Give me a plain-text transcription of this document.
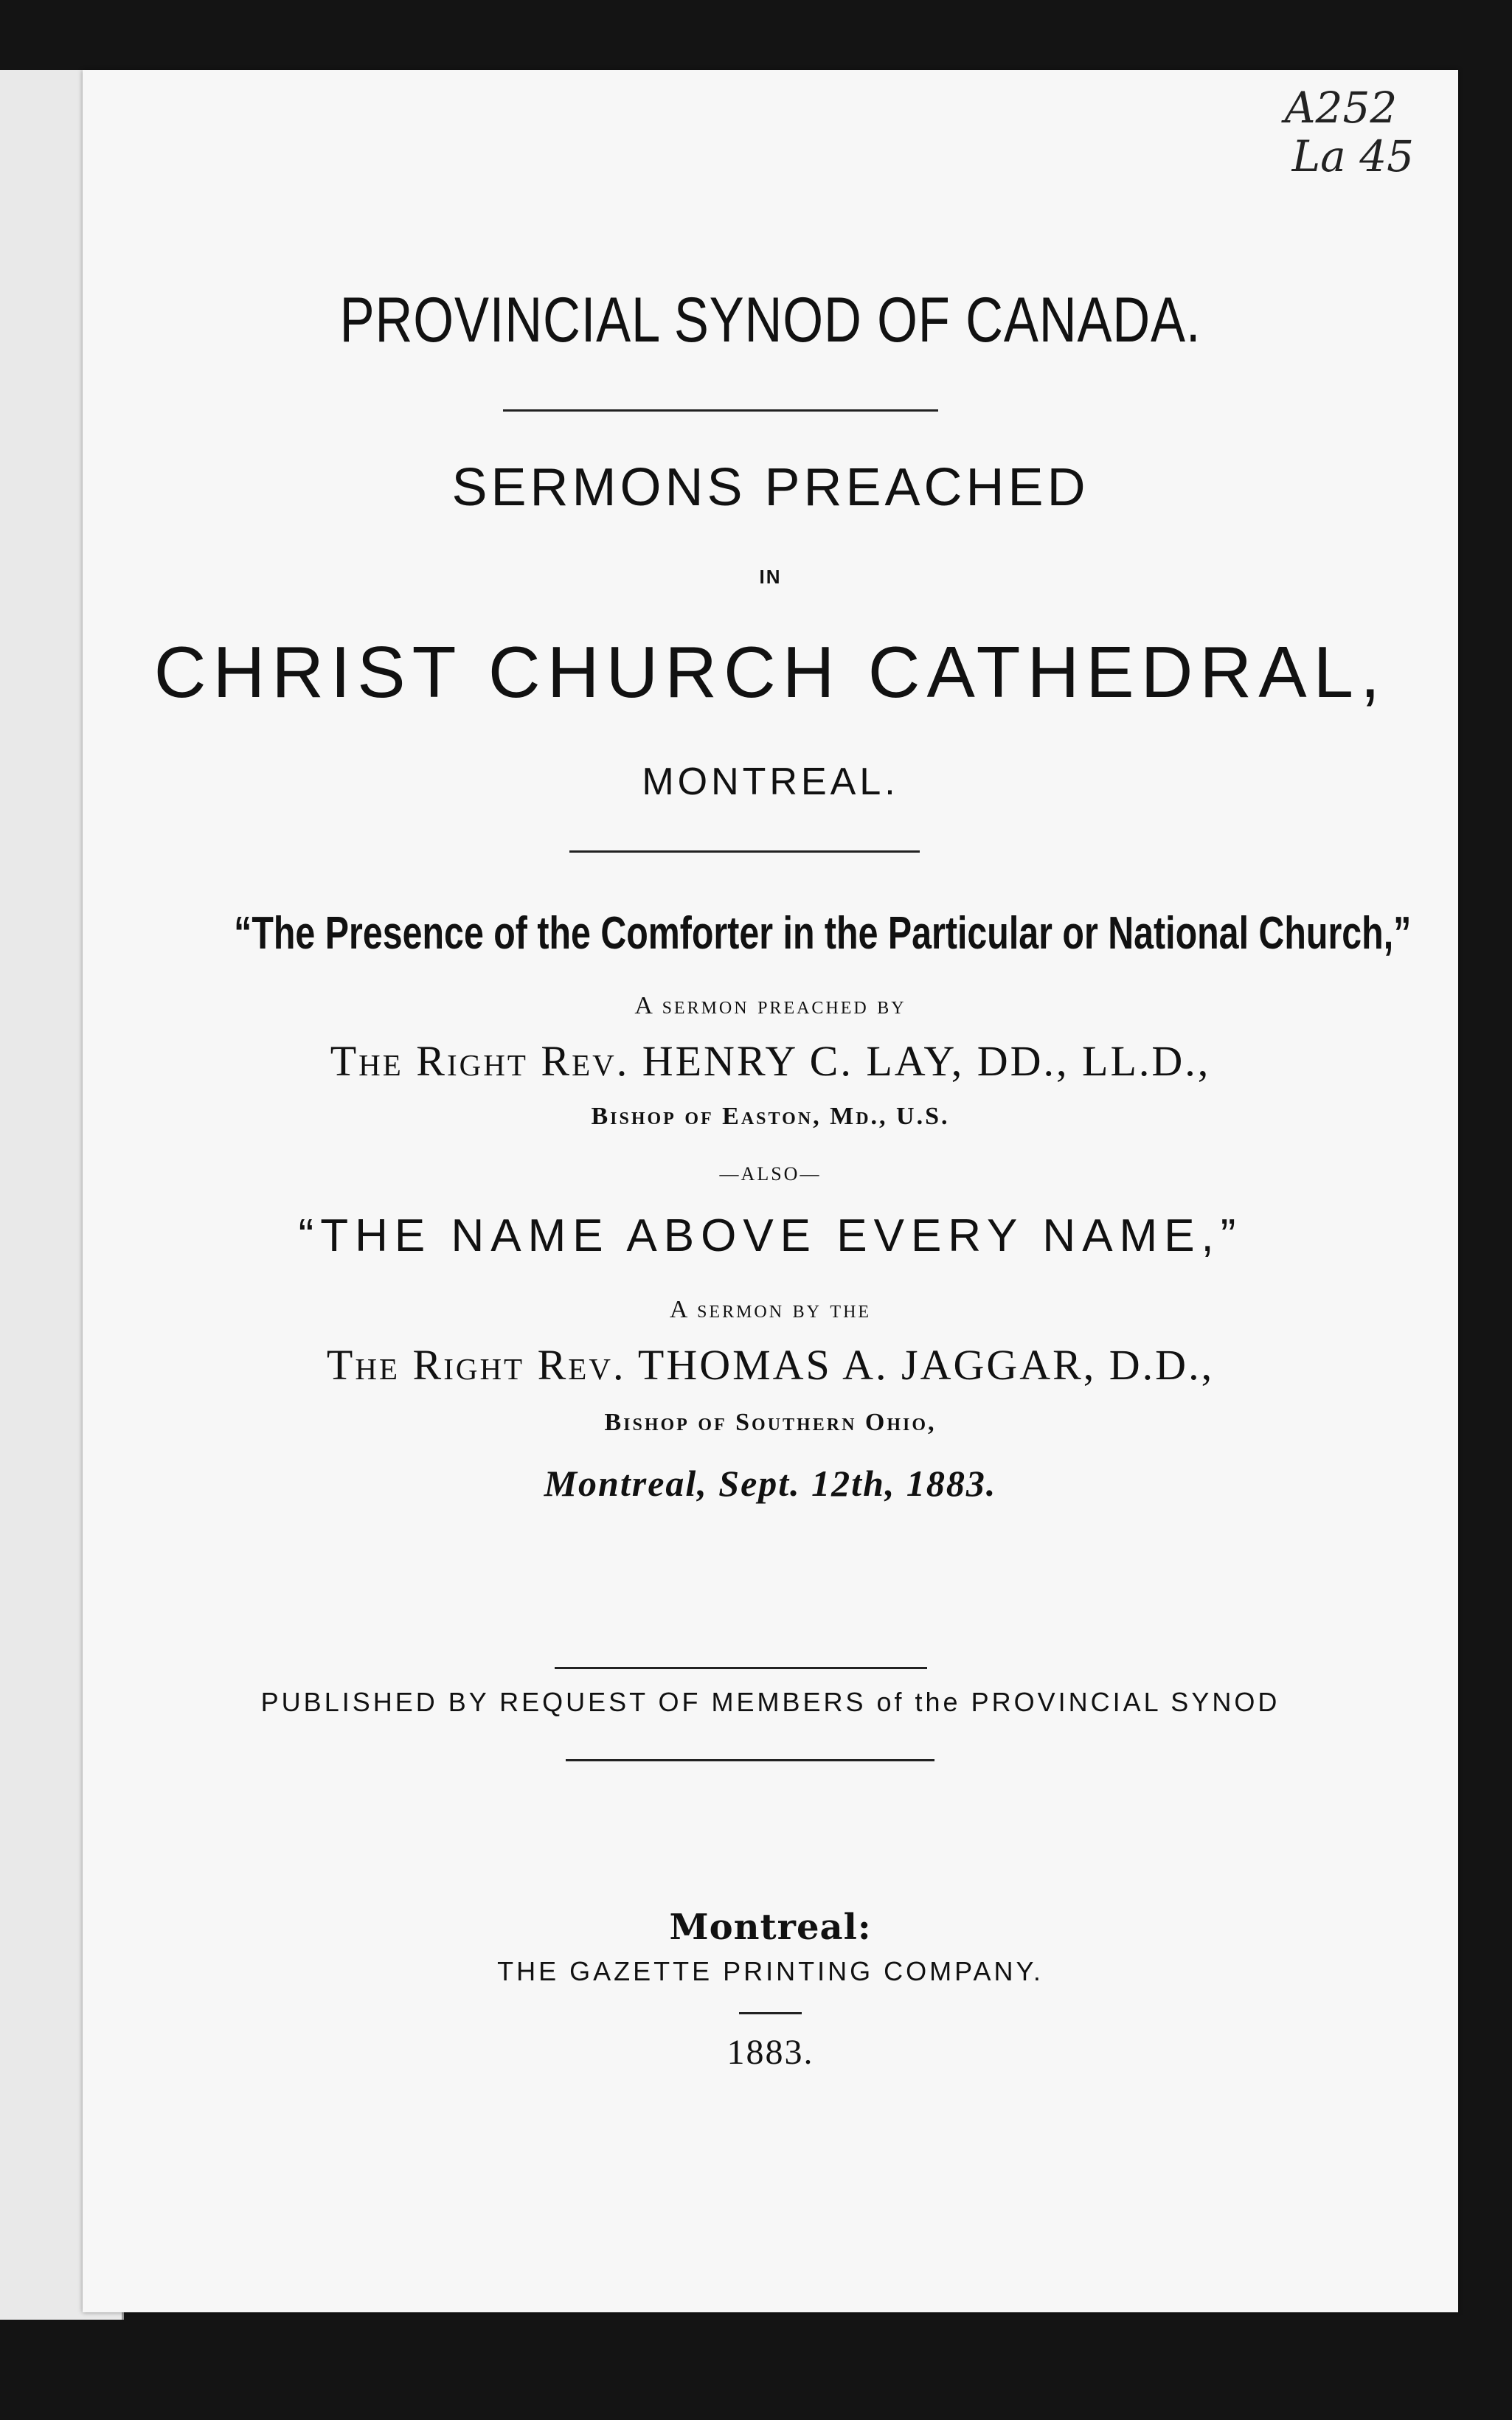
A252
La 45
PROVINCIAL SYNOD OF CANADA.
SERMONS PREACHED
IN
CHRIST CHURCH CATHEDRAL,
MONTREAL.
“The Presence of the Comforter in the Particular or National Church,”
A sermon preached by
The Right Rev. HENRY C. LAY, DD., LL.D.,
Bishop of Easton, Md., U.S.
—ALSO—
“THE NAME ABOVE EVERY NAME,”
A sermon by the
The Right Rev. THOMAS A. JAGGAR, D.D.,
Bishop of Southern Ohio,
Montreal, Sept. 12th, 1883.
PUBLISHED BY REQUEST OF MEMBERS of the PROVINCIAL SYNOD
Montreal:
THE GAZETTE PRINTING COMPANY.
1883.
